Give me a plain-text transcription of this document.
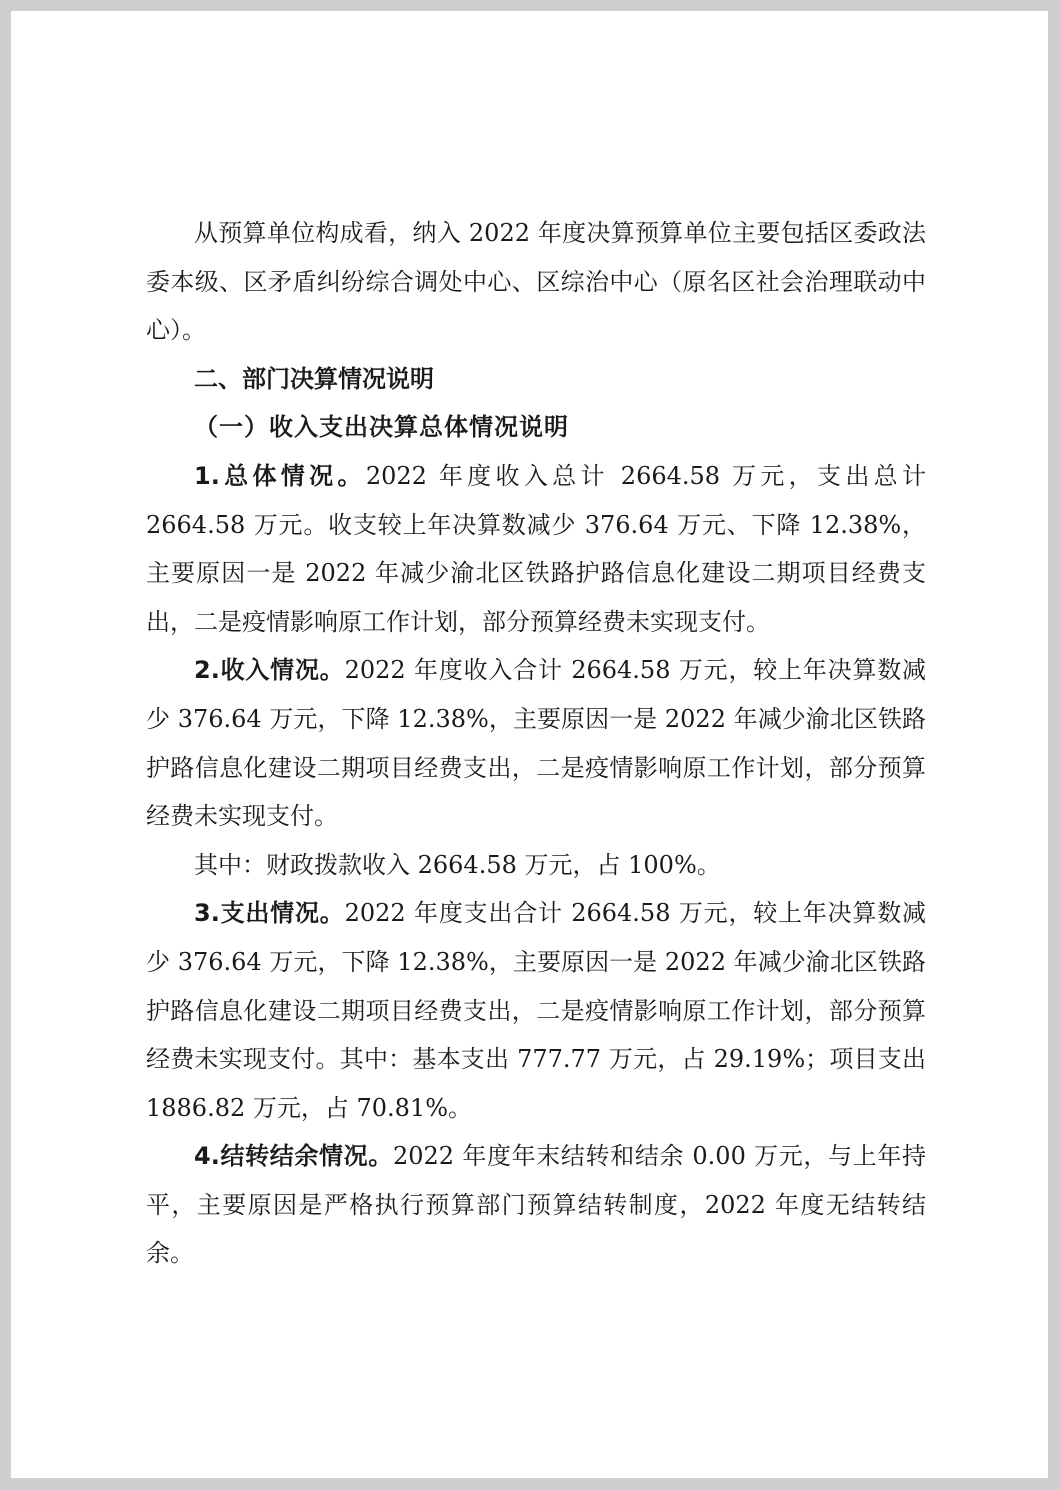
从预算单位构成看，纳入 2022 年度决算预算单位主要包括区委政法委本级、区矛盾纠纷综合调处中心、区综治中心（原名区社会治理联动中心）。

二、部门决算情况说明

（一）收入支出决算总体情况说明

1.总体情况。2022 年度收入总计 2664.58 万元，支出总计 2664.58 万元。收支较上年决算数减少 376.64 万元、下降 12.38%，主要原因一是 2022 年减少渝北区铁路护路信息化建设二期项目经费支出，二是疫情影响原工作计划，部分预算经费未实现支付。

2.收入情况。2022 年度收入合计 2664.58 万元，较上年决算数减少 376.64 万元，下降 12.38%，主要原因一是 2022 年减少渝北区铁路护路信息化建设二期项目经费支出，二是疫情影响原工作计划，部分预算经费未实现支付。

其中：财政拨款收入 2664.58 万元，占 100%。

3.支出情况。2022 年度支出合计 2664.58 万元，较上年决算数减少 376.64 万元，下降 12.38%，主要原因一是 2022 年减少渝北区铁路护路信息化建设二期项目经费支出，二是疫情影响原工作计划，部分预算经费未实现支付。其中：基本支出 777.77 万元，占 29.19%；项目支出 1886.82 万元，占 70.81%。

4.结转结余情况。2022 年度年末结转和结余 0.00 万元，与上年持平，主要原因是严格执行预算部门预算结转制度，2022 年度无结转结余。
